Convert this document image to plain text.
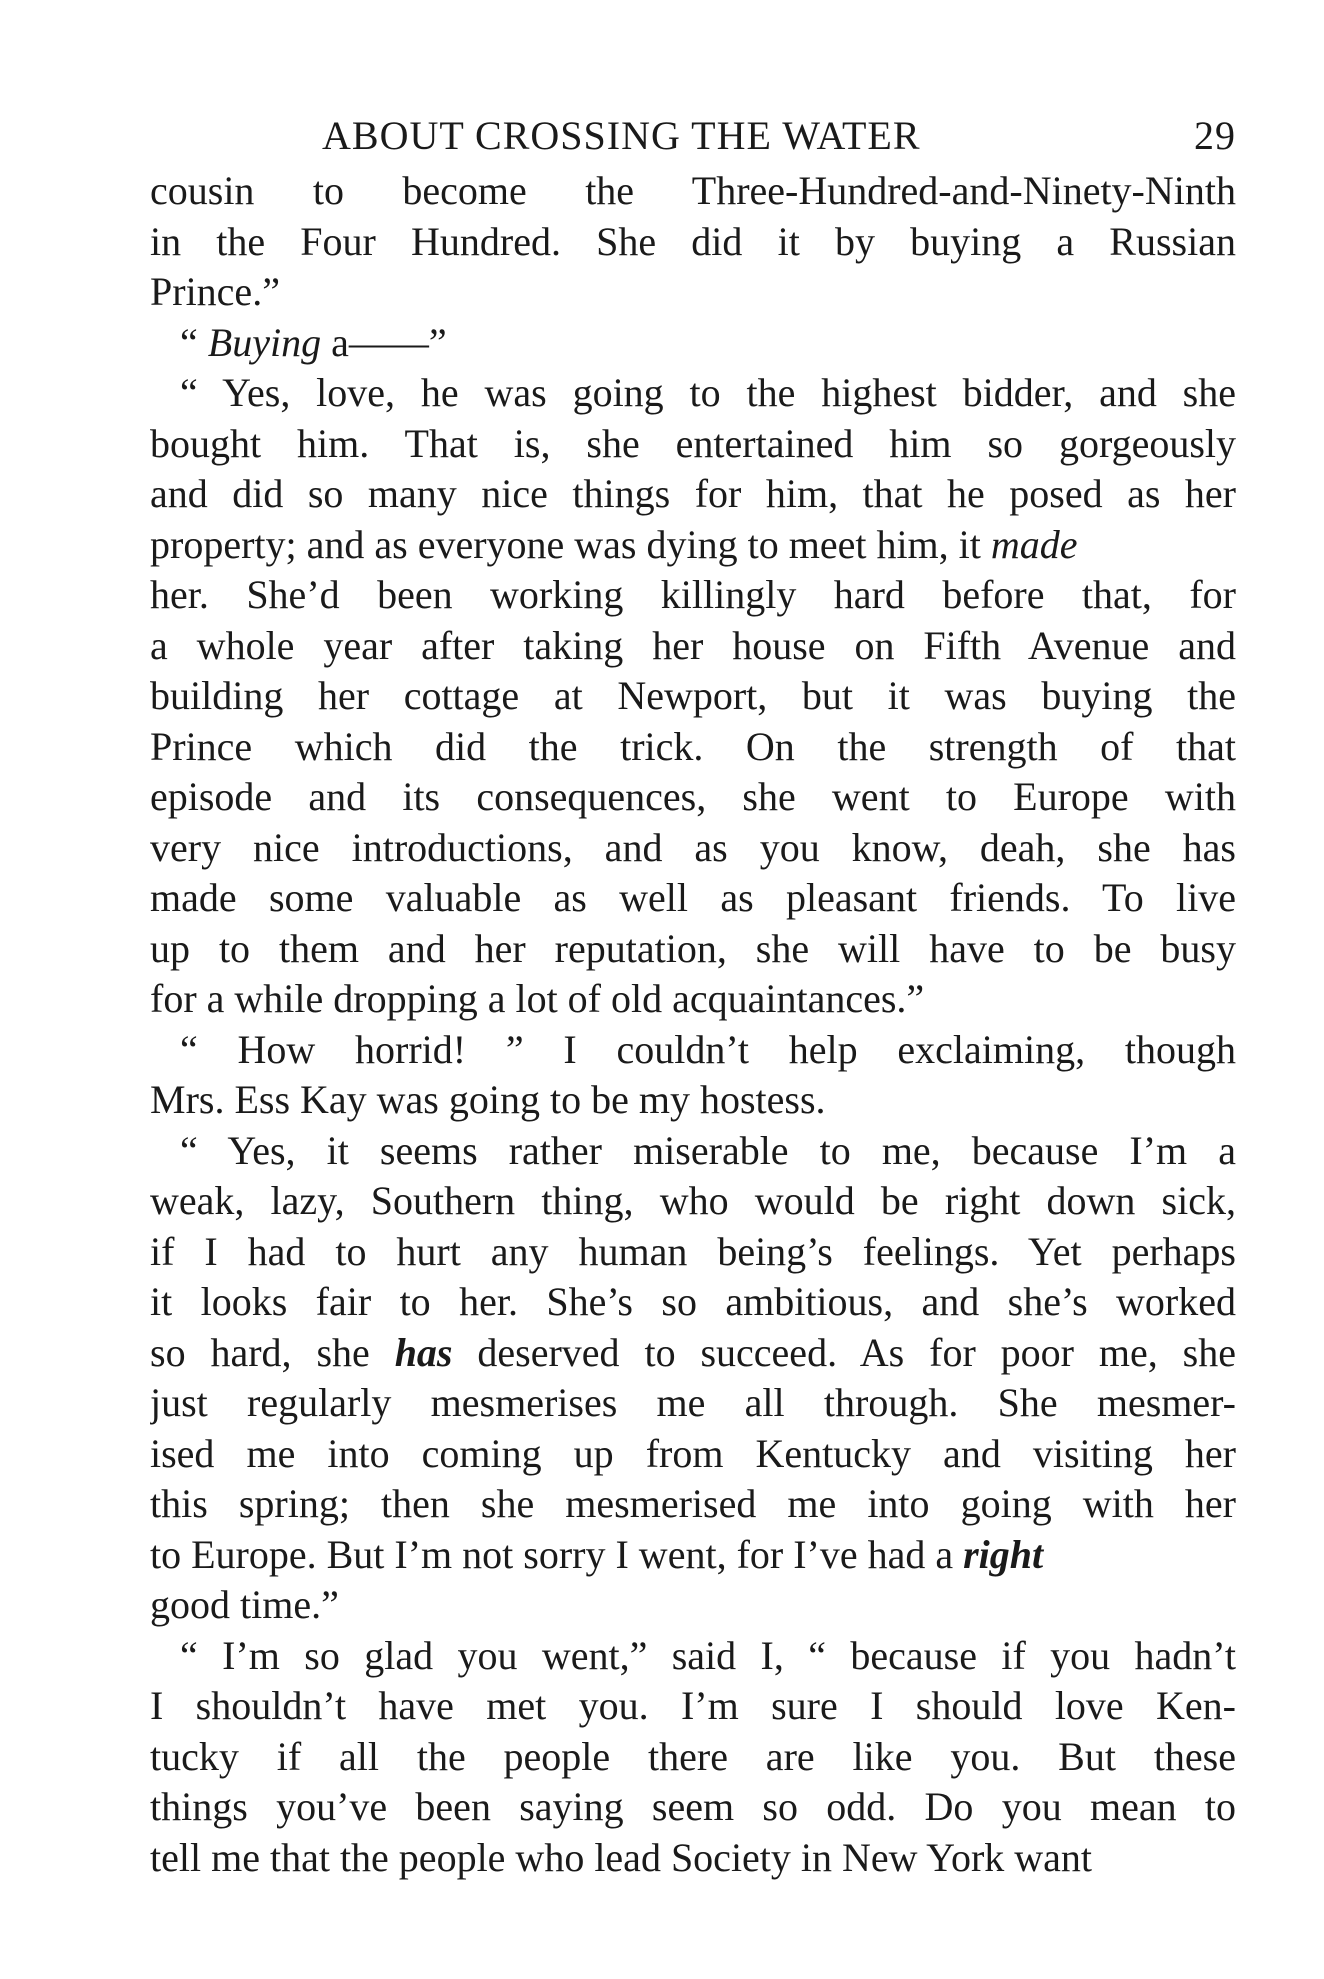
ABOUT CROSSING THE WATER	29
cousin to become the Three-Hundred-and-Ninety-Ninth
in the Four Hundred. She did it by buying a Russian
Prince.”
“ Buying a——”
“ Yes, love, he was going to the highest bidder, and she
bought him. That is, she entertained him so gorgeously
and did so many nice things for him, that he posed as her
property; and as everyone was dying to meet him, it made
her. She’d been working killingly hard before that, for
a whole year after taking her house on Fifth Avenue and
building her cottage at Newport, but it was buying the
Prince which did the trick. On the strength of that
episode and its consequences, she went to Europe with
very nice introductions, and as you know, deah, she has
made some valuable as well as pleasant friends. To live
up to them and her reputation, she will have to be busy
for a while dropping a lot of old acquaintances.”
“ How horrid! ” I couldn’t help exclaiming, though
Mrs. Ess Kay was going to be my hostess.
“ Yes, it seems rather miserable to me, because I’m a
weak, lazy, Southern thing, who would be right down sick,
if I had to hurt any human being’s feelings. Yet perhaps
it looks fair to her. She’s so ambitious, and she’s worked
so hard, she has deserved to succeed. As for poor me, she
just regularly mesmerises me all through. She mesmer-
ised me into coming up from Kentucky and visiting her
this spring; then she mesmerised me into going with her
to Europe. But I’m not sorry I went, for I’ve had a right
good time.”
“ I’m so glad you went,” said I, “ because if you hadn’t
I shouldn’t have met you. I’m sure I should love Ken-
tucky if all the people there are like you. But these
things you’ve been saying seem so odd. Do you mean to
tell me that the people who lead Society in New York want
